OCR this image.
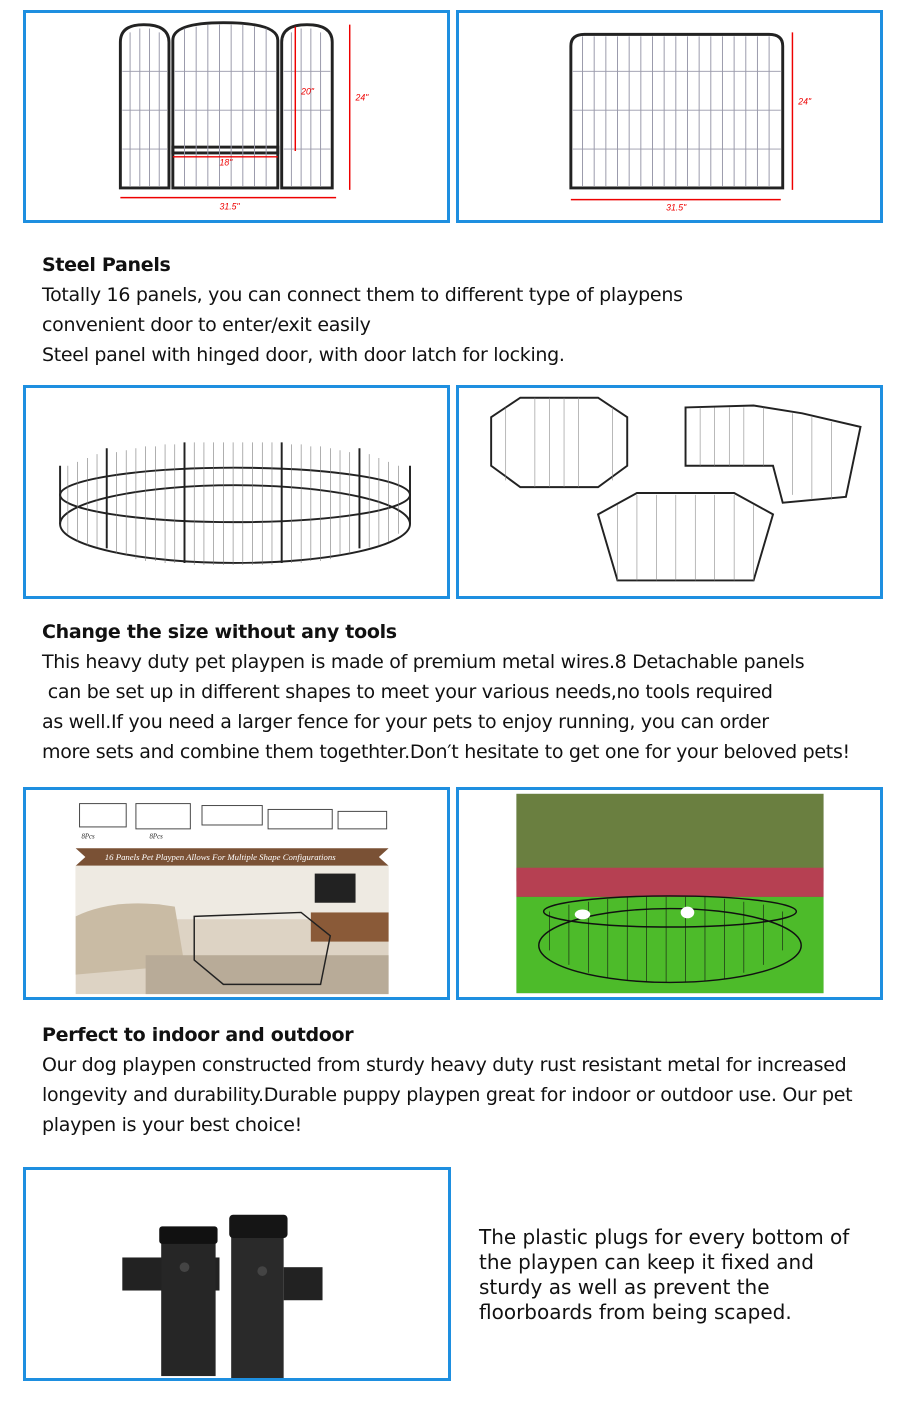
31.5"
18"
20"
24"
31.5"
24"
Steel Panels

Totally 16 panels, you can connect them to different type of playpens

convenient door to enter/exit easily

Steel panel with hinged door, with door latch for locking.

Change the size without any tools

This heavy duty pet playpen is made of premium metal wires.8 Detachable panels

can be set up in different shapes to meet your various needs,no tools required

as well.If you need a larger fence for your pets to enjoy running, you can order

more sets and combine them togethter.Don′t hesitate to get one for your beloved pets!

8Pcs	8Pcs
16 Panels Pet Playpen Allows For Multiple Shape Configurations
Perfect to indoor and outdoor

Our dog playpen constructed from sturdy heavy duty rust resistant metal for increased

longevity and durability.Durable puppy playpen great for indoor or outdoor use. Our pet

playpen is your best choice!

The plastic plugs for every bottom of the playpen can keep it fixed and sturdy as well as prevent the floorboards from being scaped.
